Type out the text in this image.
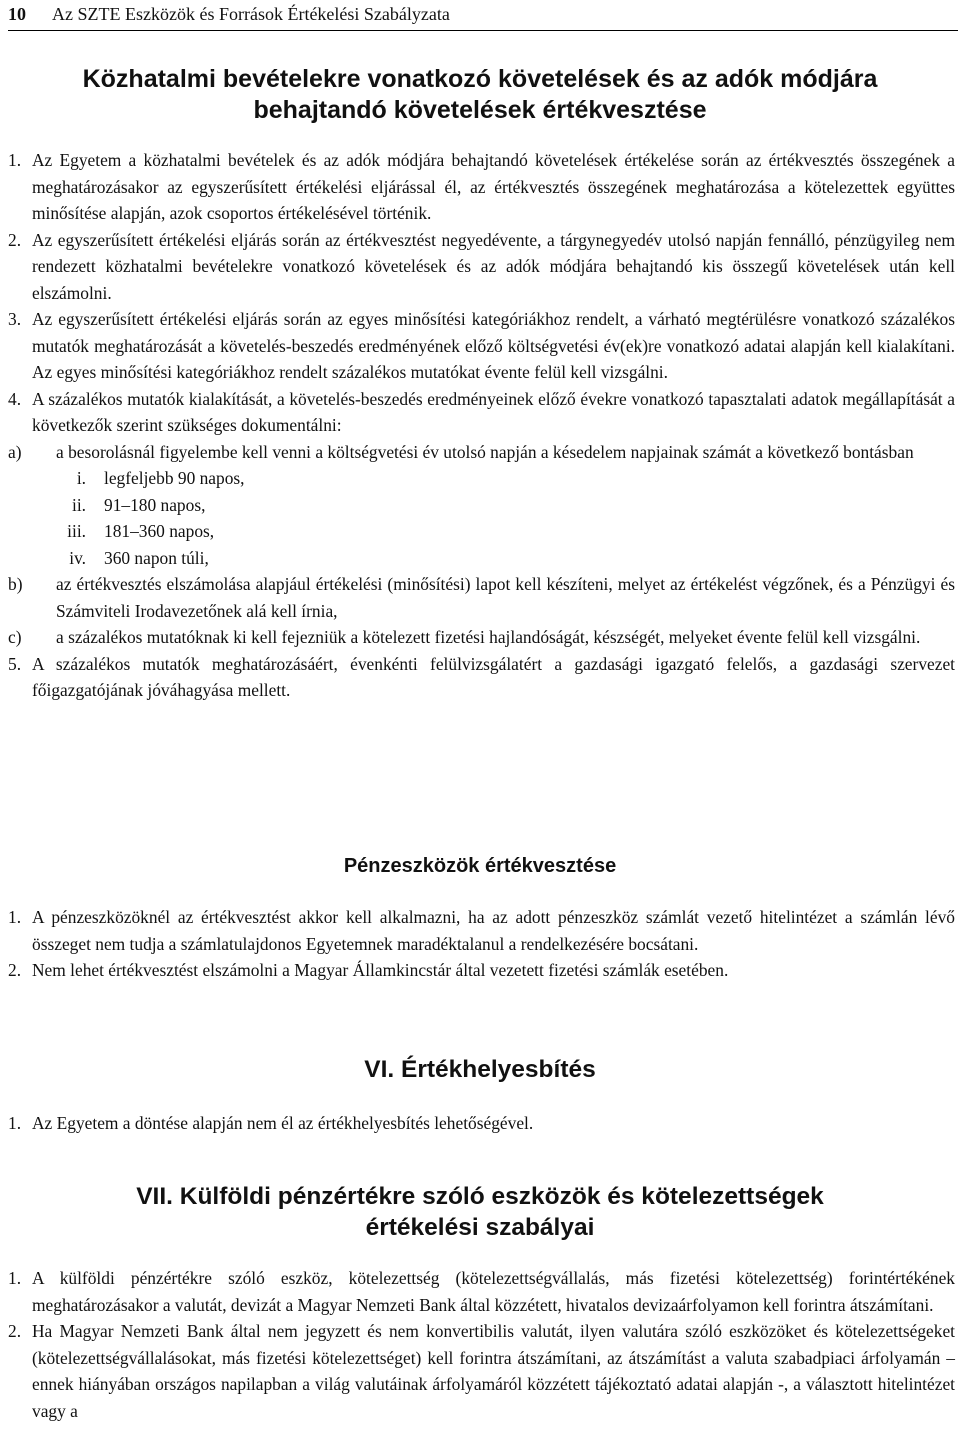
10 Az SZTE Eszközök és Források Értékelési Szabályzata
Közhatalmi bevételekre vonatkozó követelések és az adók módjára
behajtandó követelések értékvesztése
1. Az Egyetem a közhatalmi bevételek és az adók módjára behajtandó követelések értékelése során az értékvesztés összegének a meghatározásakor az egyszerűsített értékelési eljárással él, az értékvesztés összegének meghatározása a kötelezettek együttes minősítése alapján, azok csoportos értékelésével történik.
2. Az egyszerűsített értékelési eljárás során az értékvesztést negyedévente, a tárgynegyedév utolsó napján fennálló, pénzügyileg nem rendezett közhatalmi bevételekre vonatkozó követelések és az adók módjára behajtandó kis összegű követelések után kell elszámolni.
3. Az egyszerűsített értékelési eljárás során az egyes minősítési kategóriákhoz rendelt, a várható megtérülésre vonatkozó százalékos mutatók meghatározását a követelés-beszedés eredményének előző költségvetési év(ek)re vonatkozó adatai alapján kell kialakítani. Az egyes minősítési kategóriákhoz rendelt százalékos mutatókat évente felül kell vizsgálni.
4. A százalékos mutatók kialakítását, a követelés-beszedés eredményeinek előző évekre vonatkozó tapasztalati adatok megállapítását a következők szerint szükséges dokumentálni:
a) a besorolásnál figyelembe kell venni a költségvetési év utolsó napján a késedelem napjainak számát a következő bontásban
i. legfeljebb 90 napos,
ii. 91–180 napos,
iii. 181–360 napos,
iv. 360 napon túli,
b) az értékvesztés elszámolása alapjául értékelési (minősítési) lapot kell készíteni, melyet az értékelést végzőnek, és a Pénzügyi és Számviteli Irodavezetőnek alá kell írnia,
c) a százalékos mutatóknak ki kell fejezniük a kötelezett fizetési hajlandóságát, készségét, melyeket évente felül kell vizsgálni.
5. A százalékos mutatók meghatározásáért, évenkénti felülvizsgálatért a gazdasági igazgató felelős, a gazdasági szervezet főigazgatójának jóváhagyása mellett.
Pénzeszközök értékvesztése
1. A pénzeszközöknél az értékvesztést akkor kell alkalmazni, ha az adott pénzeszköz számlát vezető hitelintézet a számlán lévő összeget nem tudja a számlatulajdonos Egyetemnek maradéktalanul a rendelkezésére bocsátani.
2. Nem lehet értékvesztést elszámolni a Magyar Államkincstár által vezetett fizetési számlák esetében.
VI. Értékhelyesbítés
1. Az Egyetem a döntése alapján nem él az értékhelyesbítés lehetőségével.
VII. Külföldi pénzértékre szóló eszközök és kötelezettségek
értékelési szabályai
1. A külföldi pénzértékre szóló eszköz, kötelezettség (kötelezettségvállalás, más fizetési kötelezettség) forintértékének meghatározásakor a valutát, devizát a Magyar Nemzeti Bank által közzétett, hivatalos devizaárfolyamon kell forintra átszámítani.
2. Ha Magyar Nemzeti Bank által nem jegyzett és nem konvertibilis valutát, ilyen valutára szóló eszközöket és kötelezettségeket (kötelezettségvállalásokat, más fizetési kötelezettséget) kell forintra átszámítani, az átszámítást a valuta szabadpiaci árfolyamán – ennek hiányában országos napilapban a világ valutáinak árfolyamáról közzétett tájékoztató adatai alapján -, a választott hitelintézet vagy a
